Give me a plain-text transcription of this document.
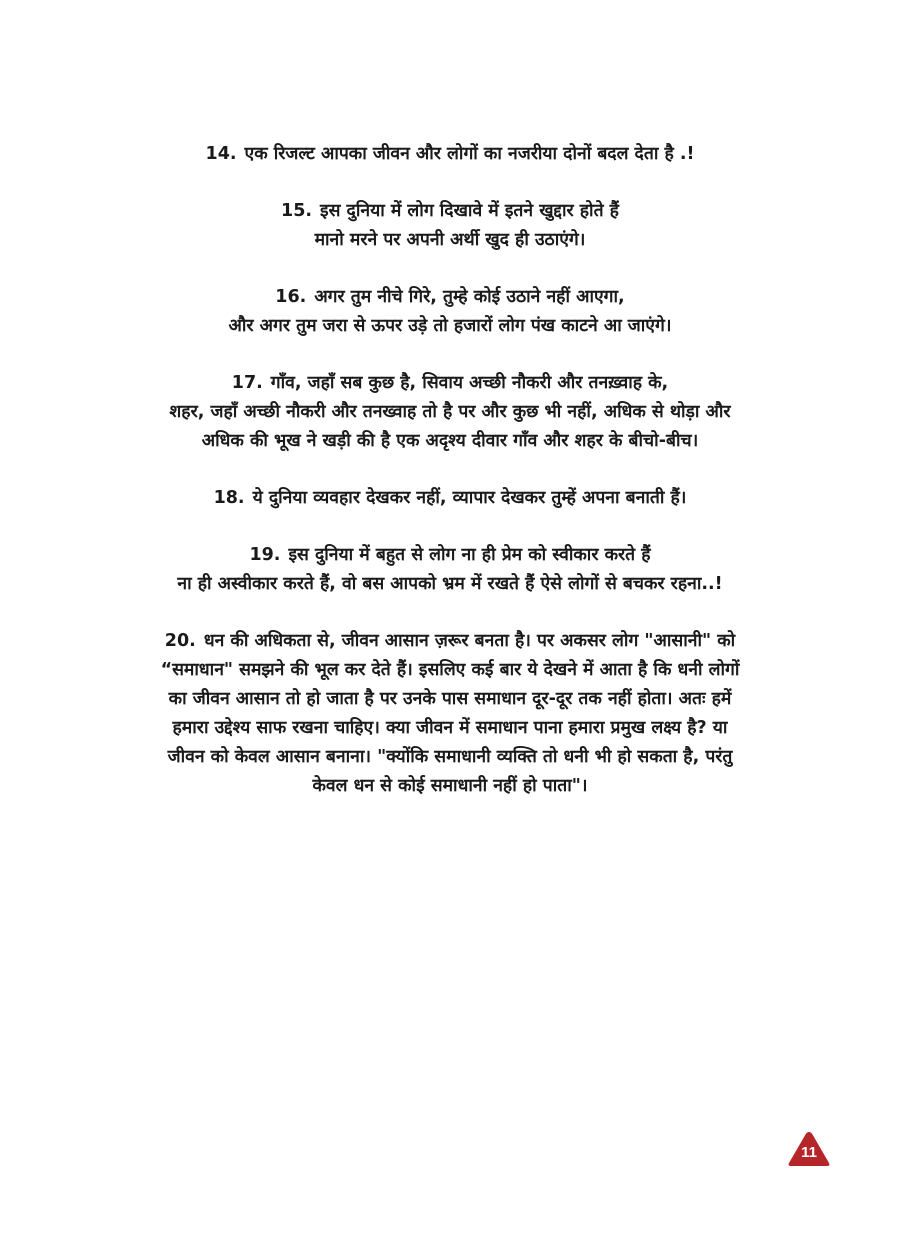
14. एक रिजल्ट आपका जीवन और लोगों का नजरीया दोनों बदल देता है .!
15. इस दुनिया में लोग दिखावे में इतने खुद्दार होते हैं
मानो मरने पर अपनी अर्थी खुद ही उठाएंगे।
16. अगर तुम नीचे गिरे, तुम्हे कोई उठाने नहीं आएगा,
और अगर तुम जरा से ऊपर उड़े तो हजारों लोग पंख काटने आ जाएंगे।
17. गाँव, जहाँ सब कुछ है, सिवाय अच्छी नौकरी और तनख़्वाह के,
शहर, जहाँ अच्छी नौकरी और तनख्वाह तो है पर और कुछ भी नहीं, अधिक से थोड़ा और
अधिक की भूख ने खड़ी की है एक अदृश्य दीवार गाँव और शहर के बीचो-बीच।
18. ये दुनिया व्यवहार देखकर नहीं, व्यापार देखकर तुम्हें अपना बनाती हैं।
19. इस दुनिया में बहुत से लोग ना ही प्रेम को स्वीकार करते हैं
ना ही अस्वीकार करते हैं, वो बस आपको भ्रम में रखते हैं ऐसे लोगों से बचकर रहना..!
20. धन की अधिकता से, जीवन आसान ज़रूर बनता है। पर अकसर लोग "आसानी" को
“समाधान" समझने की भूल कर देते हैं। इसलिए कई बार ये देखने में आता है कि धनी लोगों
का जीवन आसान तो हो जाता है पर उनके पास समाधान दूर-दूर तक नहीं होता। अतः हमें
हमारा उद्देश्य साफ रखना चाहिए। क्या जीवन में समाधान पाना हमारा प्रमुख लक्ष्य है? या
जीवन को केवल आसान बनाना। "क्योंकि समाधानी व्यक्ति तो धनी भी हो सकता है, परंतु
केवल धन से कोई समाधानी नहीं हो पाता"।
11
